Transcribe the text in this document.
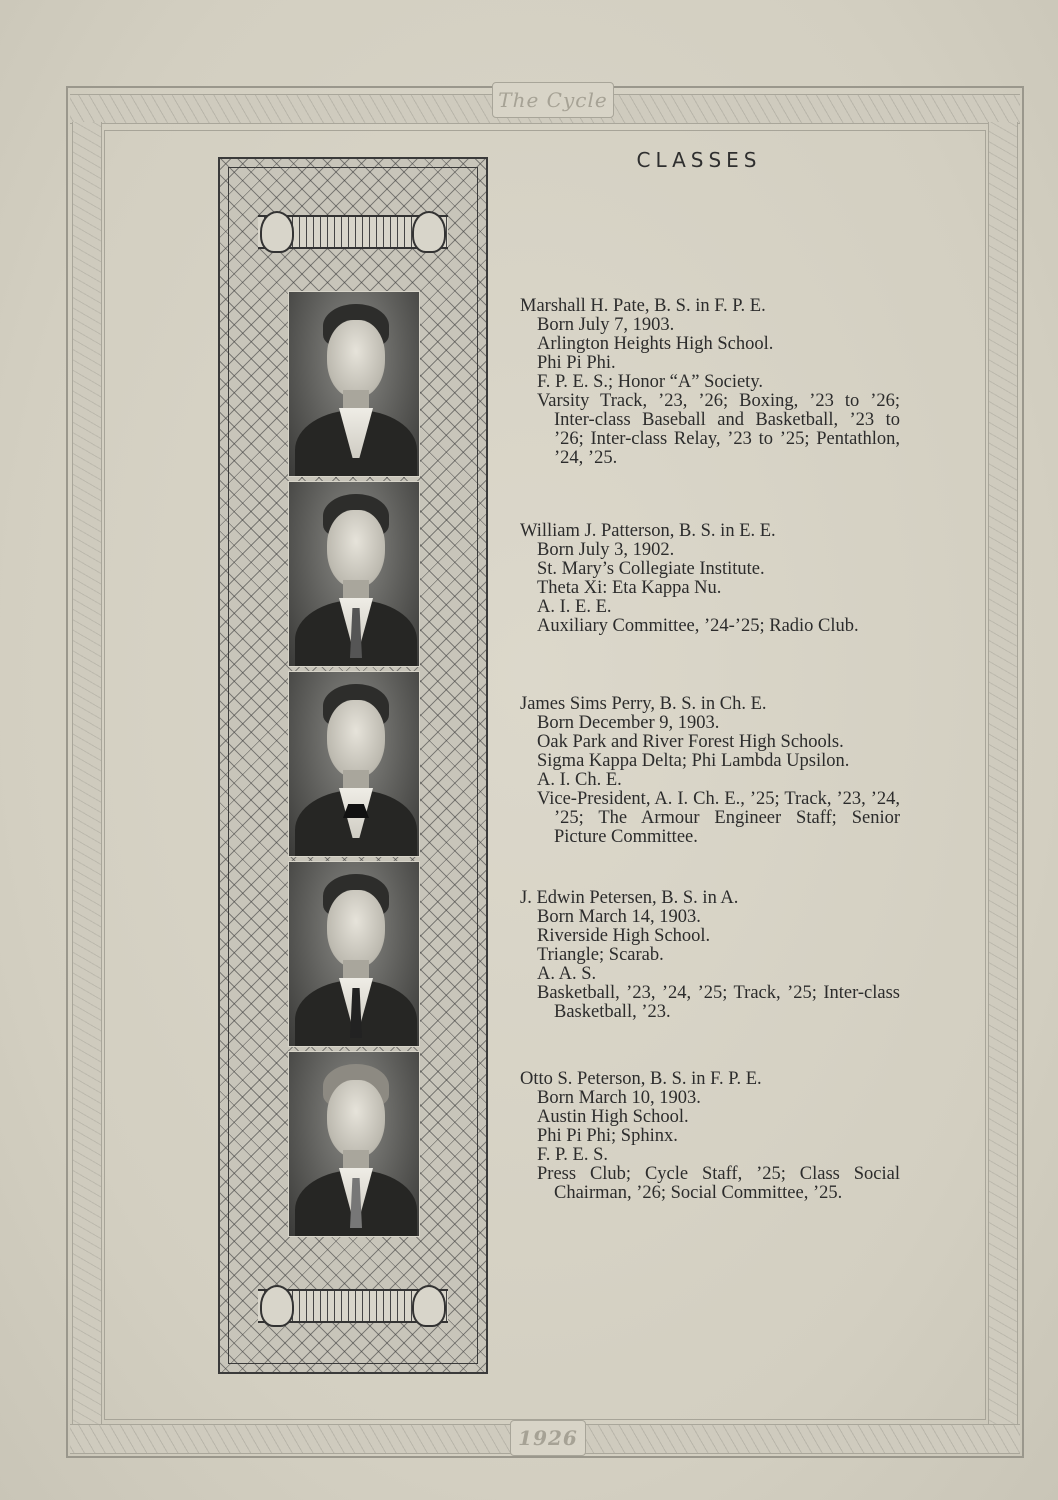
The Cycle
1926
CLASSES

Marshall H. Pate, B. S. in F. P. E.

Born July 7, 1903.

Arlington Heights High School.

Phi Pi Phi.

F. P. E. S.; Honor “A” Society.

Varsity Track, ’23, ’26; Boxing, ’23 to ’26; Inter-class Baseball and Basketball, ’23 to ’26; Inter-class Relay, ’23 to ’25; Pentathlon, ’24, ’25.

William J. Patterson, B. S. in E. E.

Born July 3, 1902.

St. Mary’s Collegiate Institute.

Theta Xi: Eta Kappa Nu.

A. I. E. E.

Auxiliary Committee, ’24-’25; Radio Club.

James Sims Perry, B. S. in Ch. E.

Born December 9, 1903.

Oak Park and River Forest High Schools.

Sigma Kappa Delta; Phi Lambda Upsilon.

A. I. Ch. E.

Vice-President, A. I. Ch. E., ’25; Track, ’23, ’24, ’25; The Armour Engineer Staff; Senior Picture Committee.

J. Edwin Petersen, B. S. in A.

Born March 14, 1903.

Riverside High School.

Triangle; Scarab.

A. A. S.

Basketball, ’23, ’24, ’25; Track, ’25; Inter-class Basketball, ’23.

Otto S. Peterson, B. S. in F. P. E.

Born March 10, 1903.

Austin High School.

Phi Pi Phi; Sphinx.

F. P. E. S.

Press Club; Cycle Staff, ’25; Class Social Chairman, ’26; Social Committee, ’25.
